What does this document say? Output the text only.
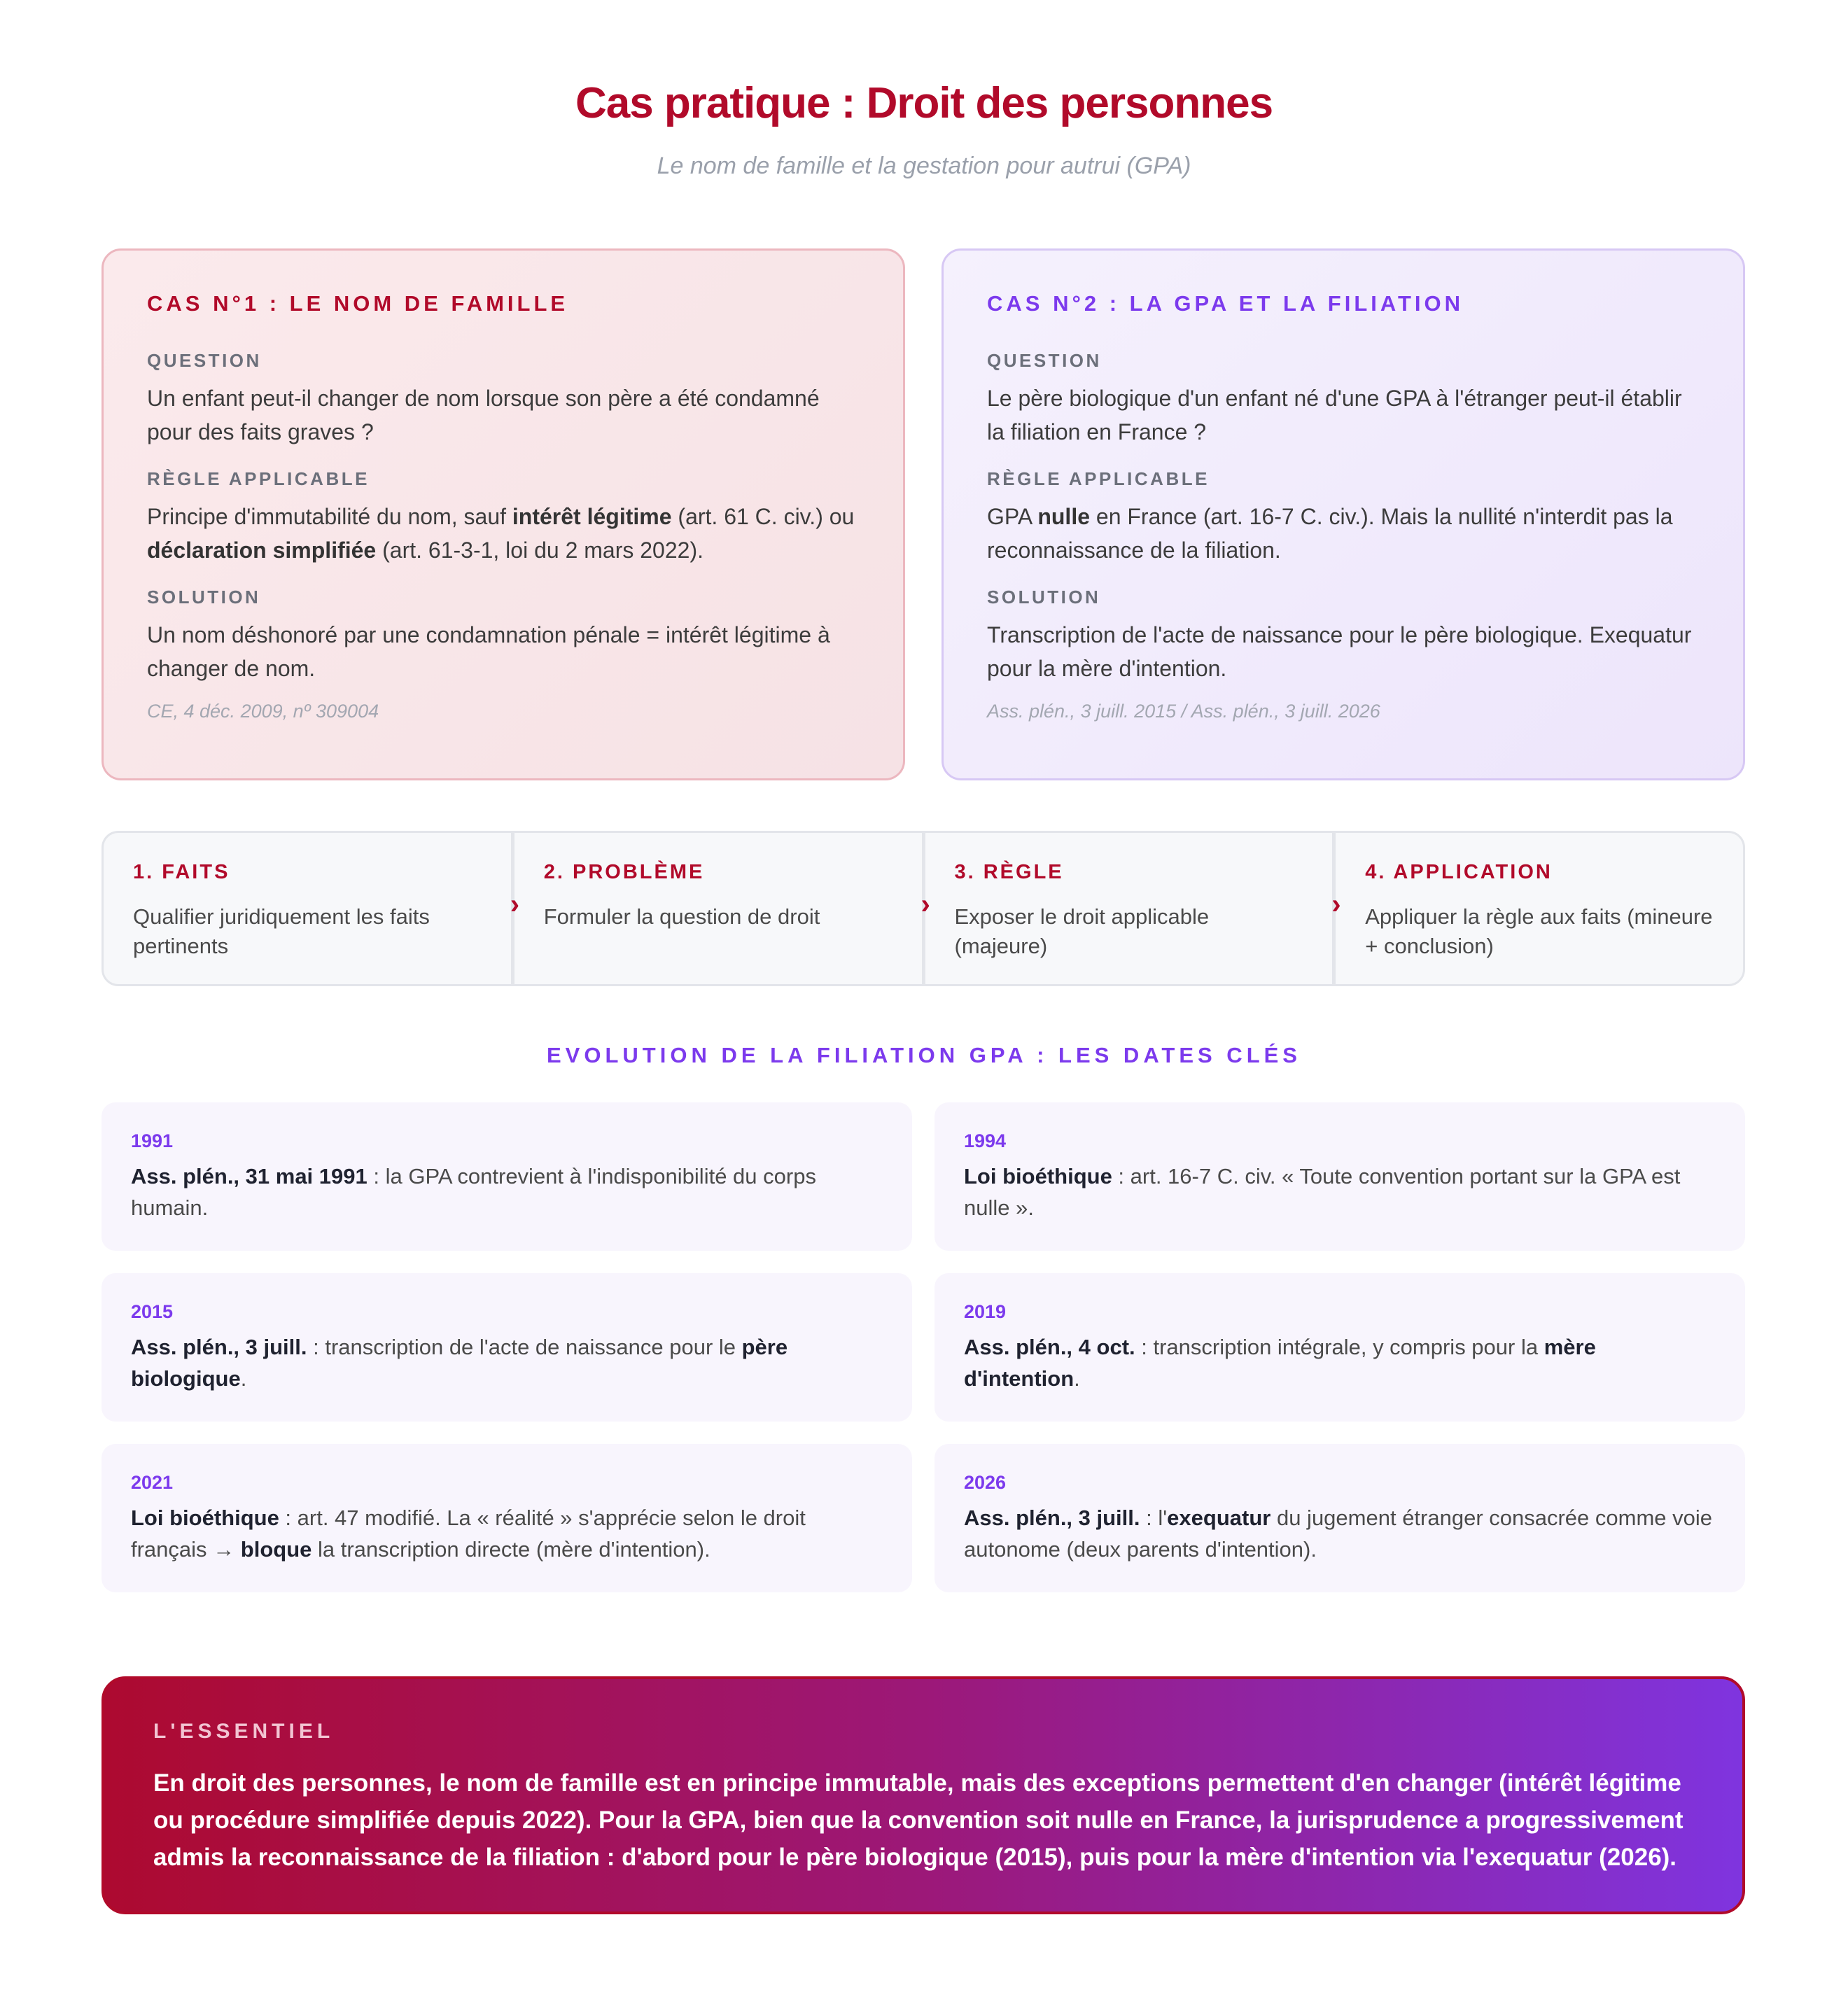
Cas pratique : Droit des personnes
Le nom de famille et la gestation pour autrui (GPA)
CAS N°1 : LE NOM DE FAMILLE
QUESTION
Un enfant peut-il changer de nom lorsque son père a été condamné pour des faits graves ?
RÈGLE APPLICABLE
Principe d'immutabilité du nom, sauf intérêt légitime (art. 61 C. civ.) ou déclaration simplifiée (art. 61-3-1, loi du 2 mars 2022).
SOLUTION
Un nom déshonoré par une condamnation pénale = intérêt légitime à changer de nom.
CE, 4 déc. 2009, nº 309004
CAS N°2 : LA GPA ET LA FILIATION
QUESTION
Le père biologique d'un enfant né d'une GPA à l'étranger peut-il établir la filiation en France ?
RÈGLE APPLICABLE
GPA nulle en France (art. 16-7 C. civ.). Mais la nullité n'interdit pas la reconnaissance de la filiation.
SOLUTION
Transcription de l'acte de naissance pour le père biologique. Exequatur pour la mère d'intention.
Ass. plén., 3 juill. 2015 / Ass. plén., 3 juill. 2026
1. FAITS
Qualifier juridiquement les faits pertinents
›
2. PROBLÈME
Formuler la question de droit	›
3. RÈGLE
Exposer le droit applicable (majeure)
›
4. APPLICATION
Appliquer la règle aux faits (mineure + conclusion)
EVOLUTION DE LA FILIATION GPA : LES DATES CLÉS
1991
Ass. plén., 31 mai 1991 : la GPA contrevient à l'indisponibilité du corps humain.
1994
Loi bioéthique : art. 16-7 C. civ. « Toute convention portant sur la GPA est nulle ».
2015
Ass. plén., 3 juill. : transcription de l'acte de naissance pour le père biologique.
2019
Ass. plén., 4 oct. : transcription intégrale, y compris pour la mère d'intention.
2021
Loi bioéthique : art. 47 modifié. La « réalité » s'apprécie selon le droit français → bloque la transcription directe (mère d'intention).
2026
Ass. plén., 3 juill. : l'exequatur du jugement étranger consacrée comme voie autonome (deux parents d'intention).
L'ESSENTIEL
En droit des personnes, le nom de famille est en principe immutable, mais des exceptions permettent d'en changer (intérêt légitime ou procédure simplifiée depuis 2022). Pour la GPA, bien que la convention soit nulle en France, la jurisprudence a progressivement admis la reconnaissance de la filiation : d'abord pour le père biologique (2015), puis pour la mère d'intention via l'exequatur (2026).
